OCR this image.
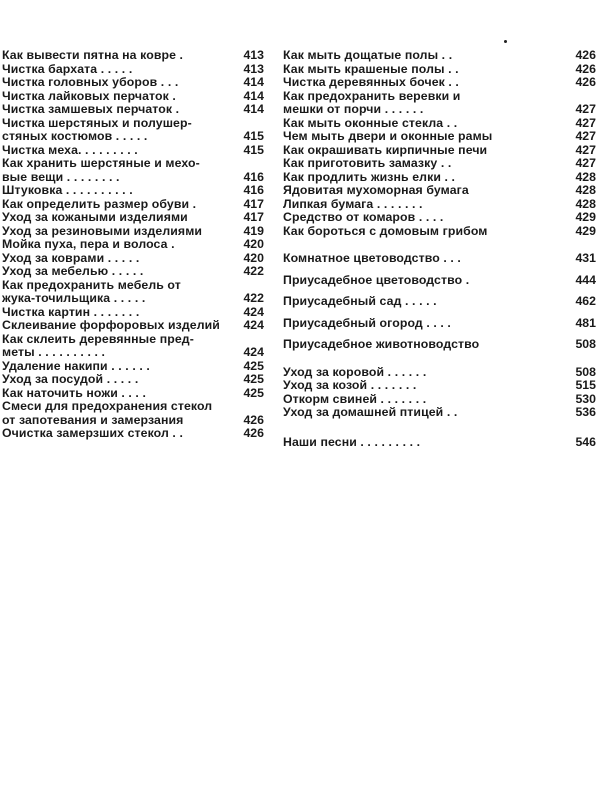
Как вывести пятна на ковре .	413
Чистка бархата . . . . .	413
Чистка головных уборов . . .	414
Чистка лайковых перчаток .	414
Чистка замшевых перчаток .	414
Чистка шерстяных и полушер-
стяных костюмов . . . . .	415
Чистка меха. . . . . . . . .	415
Как хранить шерстяные и мехо-
вые вещи . . . . . . . .	416
Штуковка . . . . . . . . . .	416
Как определить размер обуви .	417
Уход за кожаными изделиями	417
Уход за резиновыми изделиями	419
Мойка пуха, пера и волоса .	420
Уход за коврами . . . . .	420
Уход за мебелью . . . . .	422
Как предохранить мебель от
жука-точильщика . . . . .	422
Чистка картин . . . . . . .	424
Склеивание форфоровых изделий	424
Как склеить деревянные пред-
меты . . . . . . . . . .	424
Удаление накипи . . . . . .	425
Уход за посудой . . . . .	425
Как наточить ножи . . . .	425
Смеси для предохранения стекол
от запотевания и замерзания	426
Очистка замерзших стекол . .	426
Как мыть дощатые полы . .	426
Как мыть крашеные полы . .	426
Чистка деревянных бочек . .	426
Как предохранить веревки и
мешки от порчи . . . . . .	427
Как мыть оконные стекла . .	427
Чем мыть двери и оконные рамы	427
Как окрашивать кирпичные печи	427
Как приготовить замазку . .	427
Как продлить жизнь елки . .	428
Ядовитая мухоморная бумага	428
Липкая бумага . . . . . . .	428
Средство от комаров . . . .	429
Как бороться с домовым грибом	429
Комнатное цветоводство . . .	431
Приусадебное цветоводство .	444
Приусадебный сад . . . . .	462
Приусадебный огород . . . .	481
Приусадебное животноводство	508
Уход за коровой . . . . . .	508
Уход за козой . . . . . . .	515
Откорм свиней . . . . . . .	530
Уход за домашней птицей . .	536
Наши песни . . . . . . . . .	546
